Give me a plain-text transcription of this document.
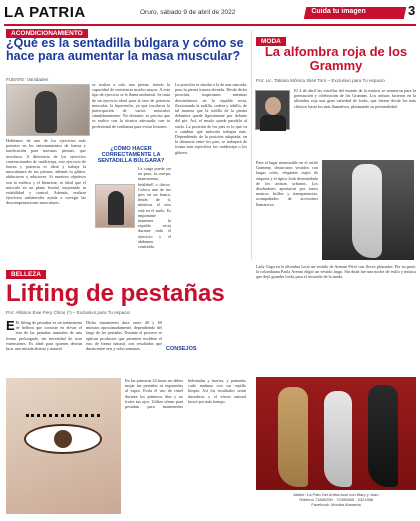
LA PATRIA	Oruro, sábado 9 de abril de 2022	Cuida tu imagen	3
ACONDICIONAMIENTO
¿Qué es la sentadilla búlgara y cómo se hace para aumentar la masa muscular?
FUENTE: Vanidades
Hablemos de uno de los ejercicios más potentes en los entrenamientos de fuerza y tonificación para nuestras piernas, que involucra. A diferencia de los ejercicios convencionales de cuádriceps, este ejercicio de fuerza y potencia es ideal y trabaja la musculatura de tus piernas, además tu glúteo, abductores y aductores. Si nuestros objetivos son la estética y el bienestar, es ideal que el músculo en un plano frontal, mejorando tu estabilidad y control. Además, realizar ejercicios unilaterales ayuda a corregir las descompensaciones musculares.
se realiza a solo una pierna, siendo la capacidad de resistencia mucho mayor. A este tipo de ejercicio se le llama unilateral. Se trata de un ejercicio ideal para la fase de potencia muscular, la hipertrofia, ya que involucra la participación de varios músculos simultáneamente. No obstante, es preciso que se realice con la técnica adecuada, con tu profesional de confianza para evitar lesiones.
¿CÓMO HACER CORRECTAMENTE LA SENTADILLA BÚLGARA?
La carga puede ser un peso, tu cuerpo, mancuernas, kettlebell o discos. Coloca uno de tus pies en un banco, detrás de ti, mientras el otro está en el suelo. Es importante mantener la espalda recta durante todo el ejercicio y el abdomen contraído.
La posición es similar a la de una zancada, pero la pierna trasera elevada. Desde dicha posición, inspiramos mientras descendemos en la espalda recta, flexionando la rodilla, cadera y tobillo, de tal manera que la rodilla de la pierna delantera quede ligeramente por delante del pie. Así, el muslo quede paralelo al suelo. La posición de los pies es lo que va a cambiar qué músculo trabajas más. Dependiendo de la posición adoptada, en la distancia entre los pies, se trabajará de forma más específica los cuádriceps o los glúteos.
MODA
La alfombra roja de los Grammy
Por: Lic. Tatiana Mónica Siles Toro – Exclusivo para Tu espacio
El 4 de abril las estrellas del mundo de la música se reunieron para la premiación y celebración de los Grammy. Los artistas lucieron en la alfombra roja una gran variedad de looks, que fueron desde los más clásicos hasta los más llamativos, plasmando su personalidad.
Para el lugar memorable en el estilo Grammy, destacaron vestidos con largas colas, elegantes trajes de etiqueta y el típico look desenfadado de los artistas urbanos. Los diseñadores apostaron por tonos neutros, brillos y transparencias, acompañados de accesorios llamativos.
Lady Gaga en la alfombra lució un vestido de Armani Privé con flecos plateados. Por su parte, la colombiana Paula Arenas eligió un vestido largo. Sin duda fue una noche de estilo y música que dejó grandes looks para el recuerdo de la moda.
Atelier: La Pato Del Arriba Azul con Mary y Juan
Teléfono 71880269 - 72455665 - 5321958
Facebook: Monika Alameda
BELLEZA
Lifting de pestañas
Por: Allisson Evie Pery Chino (*) – Exclusivo para Tu espacio
E El lifting de pestañas es un tratamiento de belleza que consiste en elevar el rizo de las pestañas naturales de una forma prolongada, sin necesidad de usar extensiones. Es ideal para quienes desean lucir una mirada abierta y natural.
Dicho tratamiento dura entre 40 y 60 minutos aproximadamente, dependiendo del largo de las pestañas. Durante el proceso se aplican productos que permiten moldear el rizo de forma natural, con resultados que duran entre seis y ocho semanas.	CONSEJOS
En las primeras 24 horas no debes mojar tus pestañas ni exponerlas al vapor. Evita el uso de rímel durante los primeros días y no frotes tus ojos. Utiliza sérum para pestañas para mantenerlas hidratadas y fuertes, y peinarlas cada mañana con un cepillo limpio. Así los resultados serán duraderos y el efecto natural lucirá por más tiempo.
